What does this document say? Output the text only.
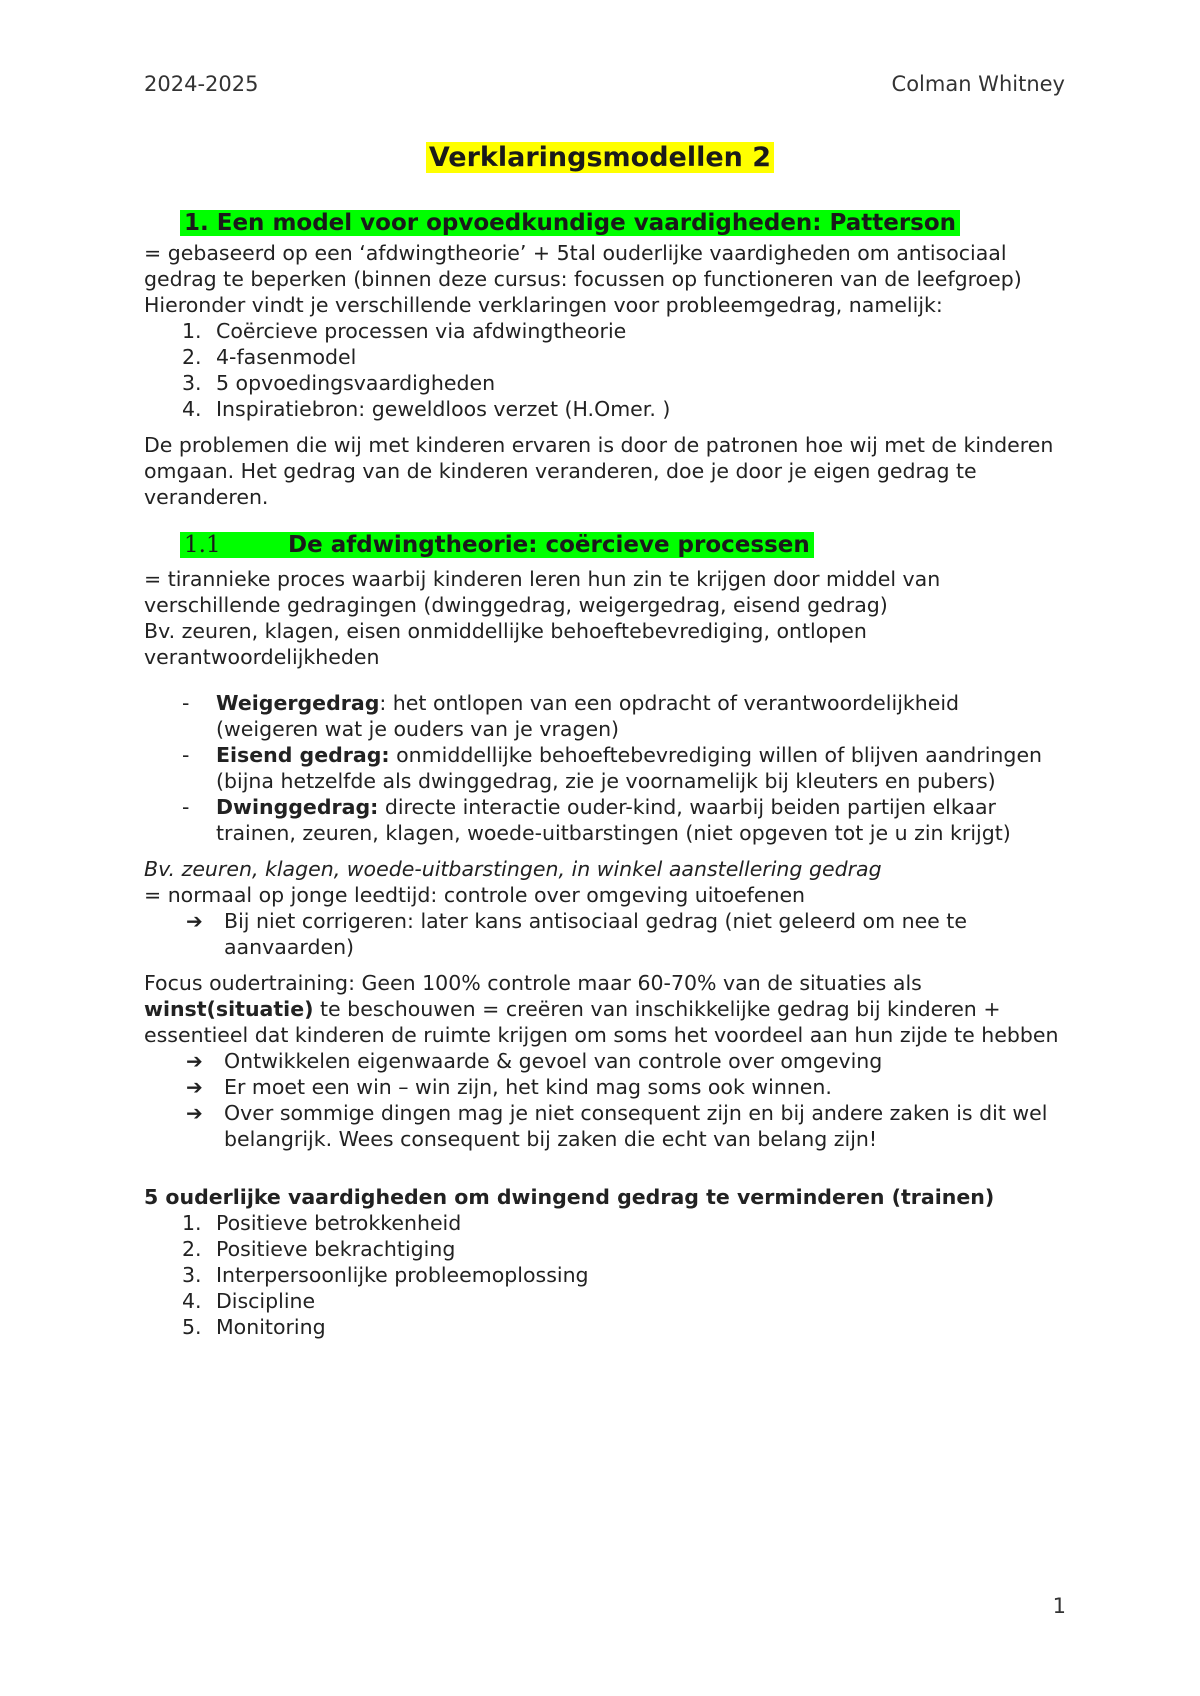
2024-2025	Colman Whitney
Verklaringsmodellen 2
1. Een model voor opvoedkundige vaardigheden: Patterson

= gebaseerd op een ‘afdwingtheorie’ + 5tal ouderlijke vaardigheden om antisociaal gedrag te beperken (binnen deze cursus: focussen op functioneren van de leefgroep) Hieronder vindt je verschillende verklaringen voor probleemgedrag, namelijk:

1. Coërcieve processen via afdwingtheorie
2. 4-fasenmodel
3. 5 opvoedingsvaardigheden
4. Inspiratiebron: geweldloos verzet (H.Omer. )

De problemen die wij met kinderen ervaren is door de patronen hoe wij met de kinderen omgaan. Het gedrag van de kinderen veranderen, doe je door je eigen gedrag te veranderen.

1.1	De afdwingtheorie: coërcieve processen

= tirannieke proces waarbij kinderen leren hun zin te krijgen door middel van verschillende gedragingen (dwinggedrag, weigergedrag, eisend gedrag)

Bv. zeuren, klagen, eisen onmiddellijke behoeftebevrediging, ontlopen verantwoordelijkheden

- Weigergedrag: het ontlopen van een opdracht of verantwoordelijkheid (weigeren wat je ouders van je vragen)
- Eisend gedrag: onmiddellijke behoeftebevrediging willen of blijven aandringen (bijna hetzelfde als dwinggedrag, zie je voornamelijk bij kleuters en pubers)
- Dwinggedrag: directe interactie ouder-kind, waarbij beiden partijen elkaar trainen, zeuren, klagen, woede-uitbarstingen (niet opgeven tot je u zin krijgt)

Bv. zeuren, klagen, woede-uitbarstingen, in winkel aanstellering gedrag

= normaal op jonge leedtijd: controle over omgeving uitoefenen

➔ Bij niet corrigeren: later kans antisociaal gedrag (niet geleerd om nee te aanvaarden)

Focus oudertraining: Geen 100% controle maar 60-70% van de situaties als winst(situatie) te beschouwen = creëren van inschikkelijke gedrag bij kinderen + essentieel dat kinderen de ruimte krijgen om soms het voordeel aan hun zijde te hebben

➔ Ontwikkelen eigenwaarde & gevoel van controle over omgeving
➔ Er moet een win – win zijn, het kind mag soms ook winnen.
➔ Over sommige dingen mag je niet consequent zijn en bij andere zaken is dit wel belangrijk. Wees consequent bij zaken die echt van belang zijn!

5 ouderlijke vaardigheden om dwingend gedrag te verminderen (trainen)

1. Positieve betrokkenheid
2. Positieve bekrachtiging
3. Interpersoonlijke probleemoplossing
4. Discipline
5. Monitoring
1
